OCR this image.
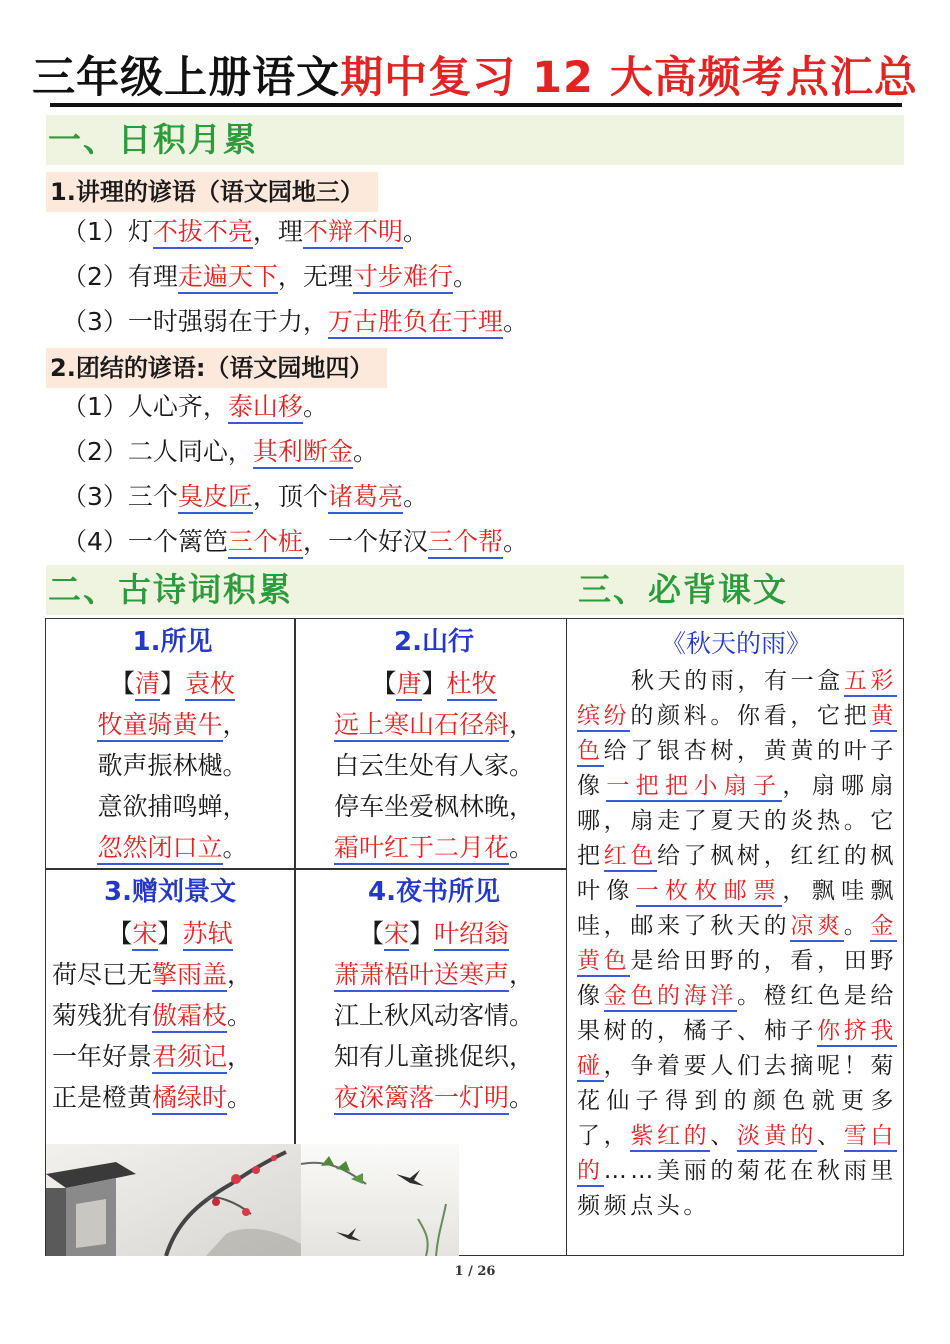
三年级上册语文期中复习 12 大高频考点汇总
一、日积月累
1.讲理的谚语（语文园地三）
（1）灯不拔不亮，理不辩不明。
（2）有理走遍天下，无理寸步难行。
（3）一时强弱在于力，万古胜负在于理。
2.团结的谚语:（语文园地四）
（1）人心齐，泰山移。
（2）二人同心，其利断金。
（3）三个臭皮匠，顶个诸葛亮。
（4）一个篱笆三个桩，一个好汉三个帮。
二、古诗词积累	三、必背课文
1.所见
【清】袁枚
牧童骑黄牛，
歌声振林樾。
意欲捕鸣蝉，
忽然闭口立。
2.山行
【唐】杜牧
远上寒山石径斜，
白云生处有人家。
停车坐爱枫林晚，
霜叶红于二月花。
3.赠刘景文
【宋】苏轼
荷尽已无擎雨盖，
菊残犹有傲霜枝。
一年好景君须记，
正是橙黄橘绿时。
4.夜书所见
【宋】叶绍翁
萧萧梧叶送寒声，
江上秋风动客情。
知有儿童挑促织，
夜深篱落一灯明。
《秋天的雨》
秋天的雨，有一盒五彩缤纷的颜料。你看，它把黄色给了银杏树，黄黄的叶子像一把把小扇子，扇哪扇哪，扇走了夏天的炎热。它把红色给了枫树，红红的枫叶像一枚枚邮票，飘哇飘哇，邮来了秋天的凉爽。金黄色是给田野的，看，田野像金色的海洋。橙红色是给果树的，橘子、柿子你挤我碰，争着要人们去摘呢！菊花仙子得到的颜色就更多了，紫红的、淡黄的、雪白的……美丽的菊花在秋雨里频频点头。
1 / 26
